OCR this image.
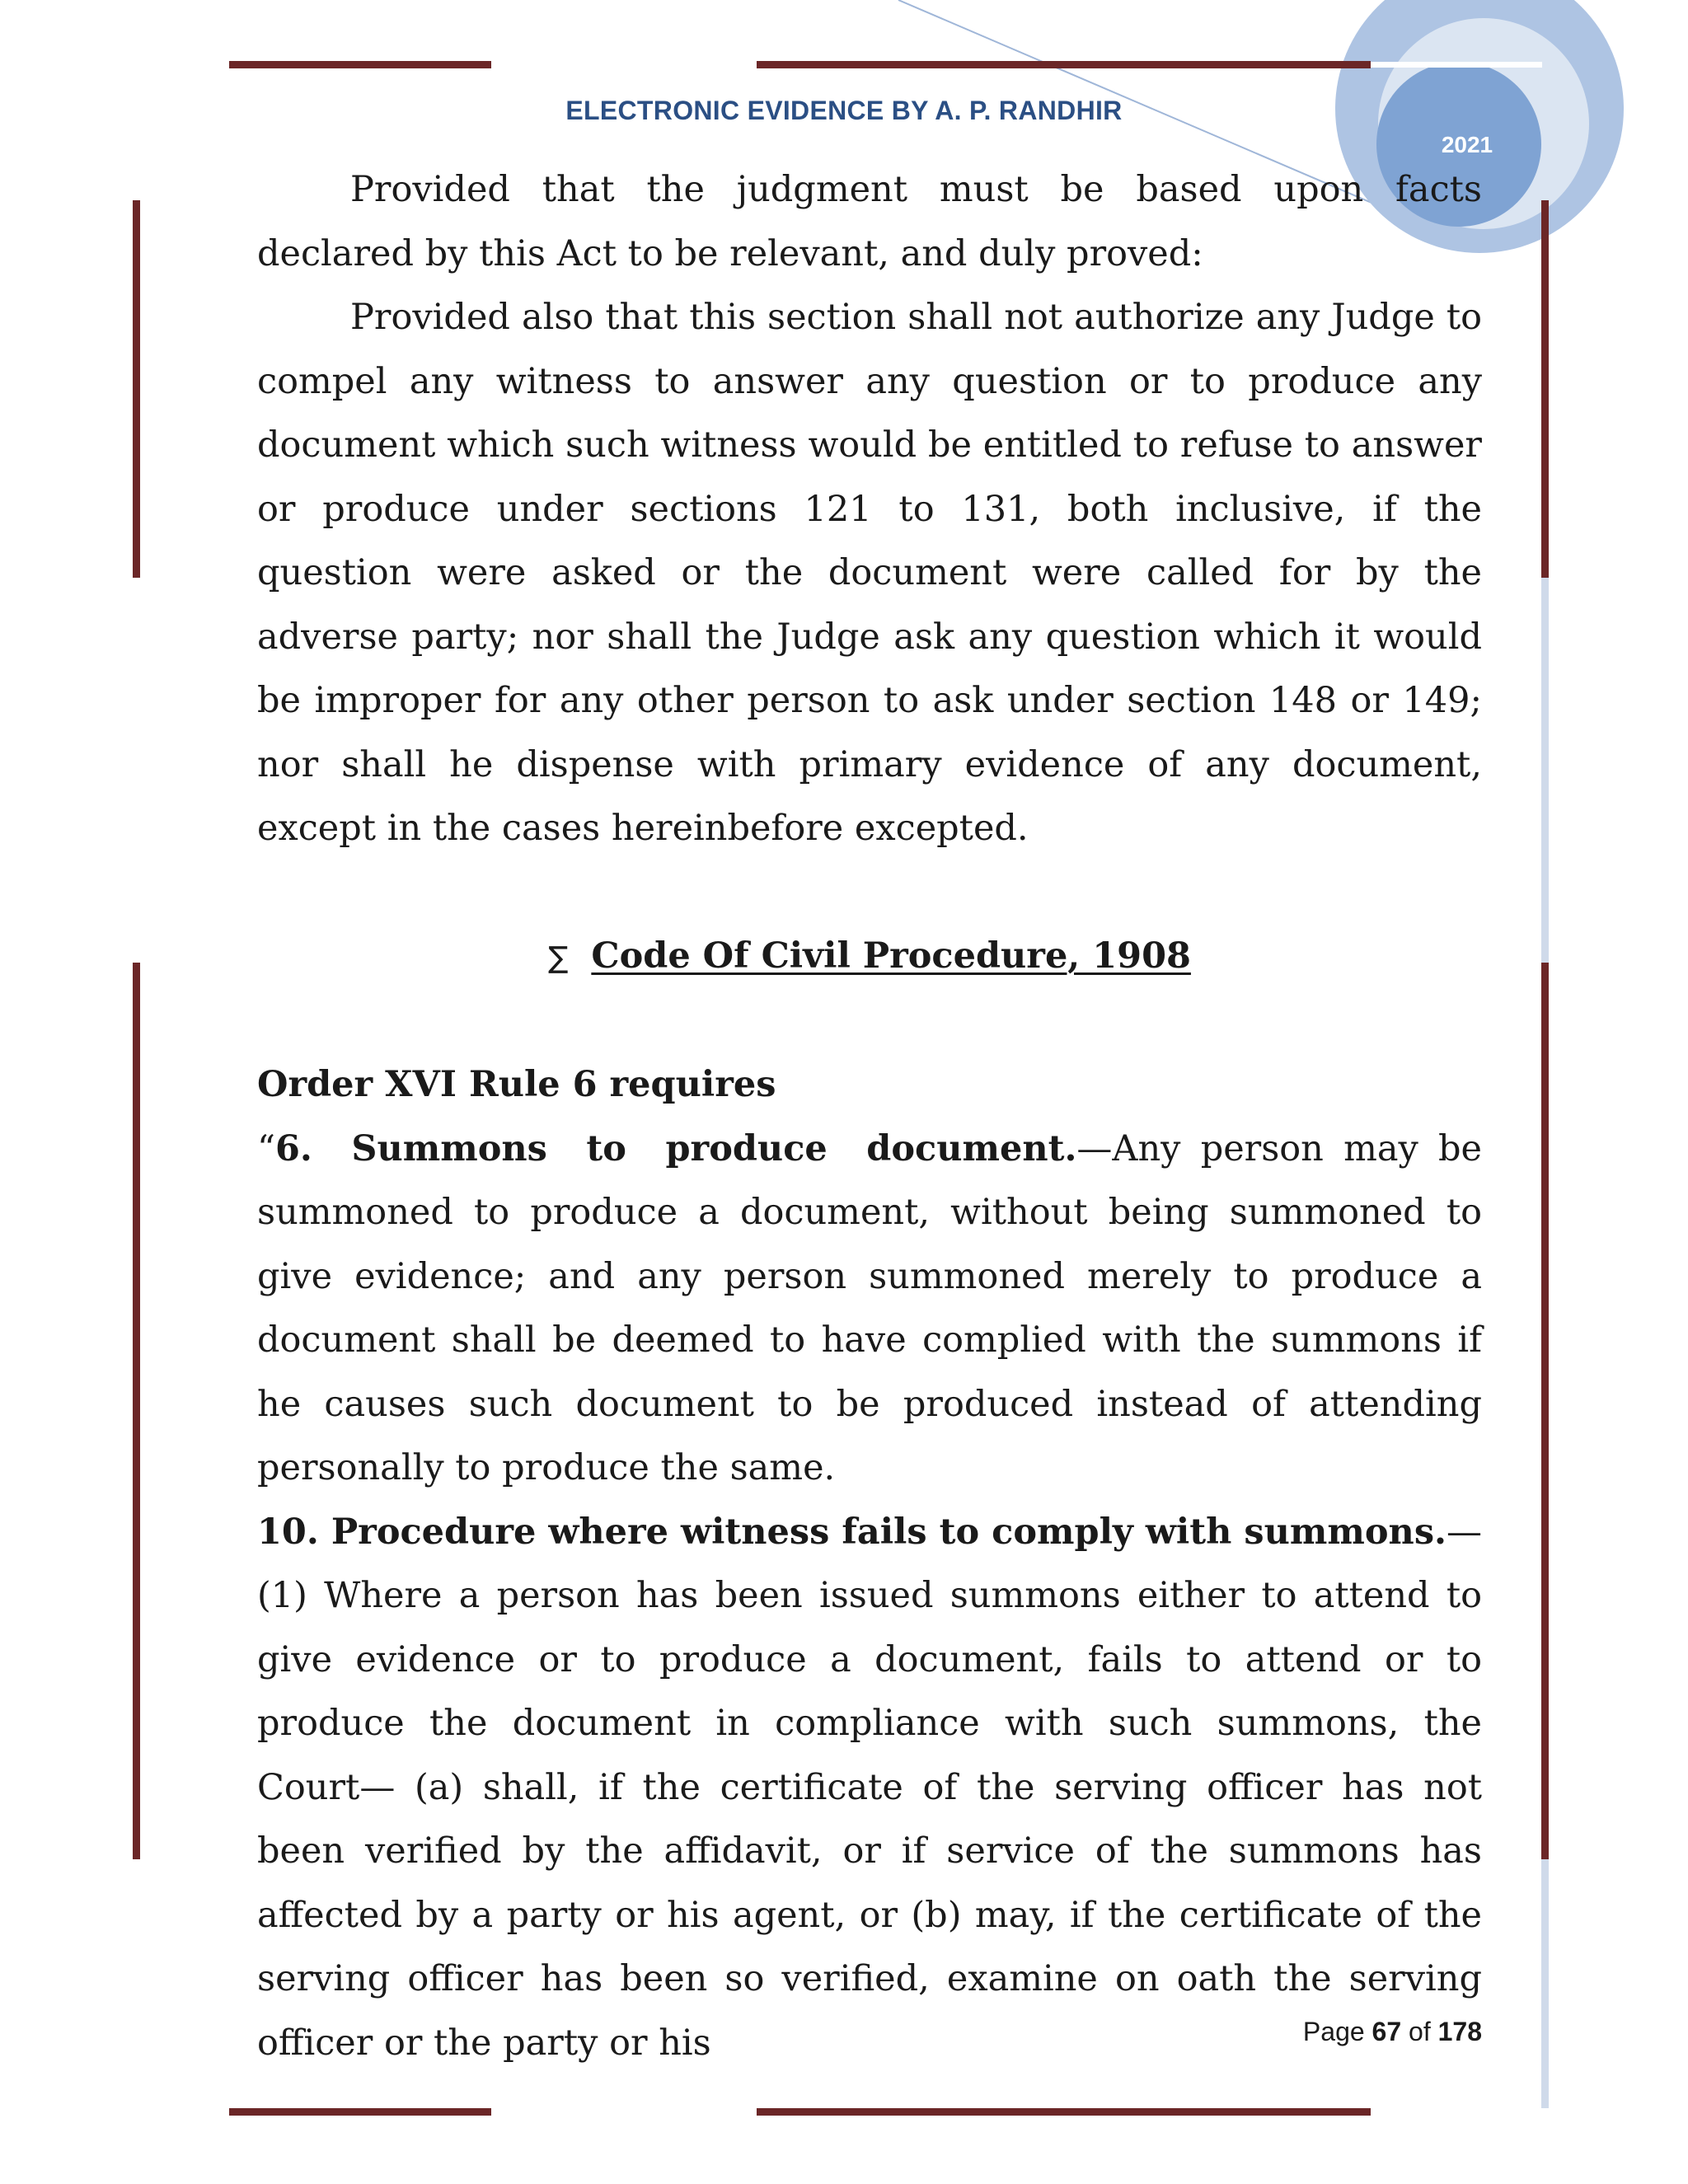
ELECTRONIC EVIDENCE BY A. P. RANDHIR
2021

Provided that the judgment must be based upon facts declared by this Act to be relevant, and duly proved:

Provided also that this section shall not authorize any Judge to compel any witness to answer any question or to produce any document which such witness would be entitled to refuse to answer or produce under sections 121 to 131, both inclusive, if the question were asked or the document were called for by the adverse party; nor shall the Judge ask any question which it would be improper for any other person to ask under section 148 or 149; nor shall he dispense with primary evidence of any document, except in the cases hereinbefore excepted.

∑ Code Of Civil Procedure, 1908

Order XVI Rule 6 requires

“6. Summons to produce document.—Any person may be summoned to produce a document, without being summoned to give evidence; and any person summoned merely to produce a document shall be deemed to have complied with the summons if he causes such document to be produced instead of attending personally to produce the same.

10. Procedure where witness fails to comply with summons.—(1) Where a person has been issued summons either to attend to give evidence or to produce a document, fails to attend or to produce the document in compliance with such summons, the Court— (a) shall, if the certificate of the serving officer has not been verified by the affidavit, or if service of the summons has affected by a party or his agent, or (b) may, if the certificate of the serving officer has been so verified, examine on oath the serving officer or the party or his	Page 67 of 178
